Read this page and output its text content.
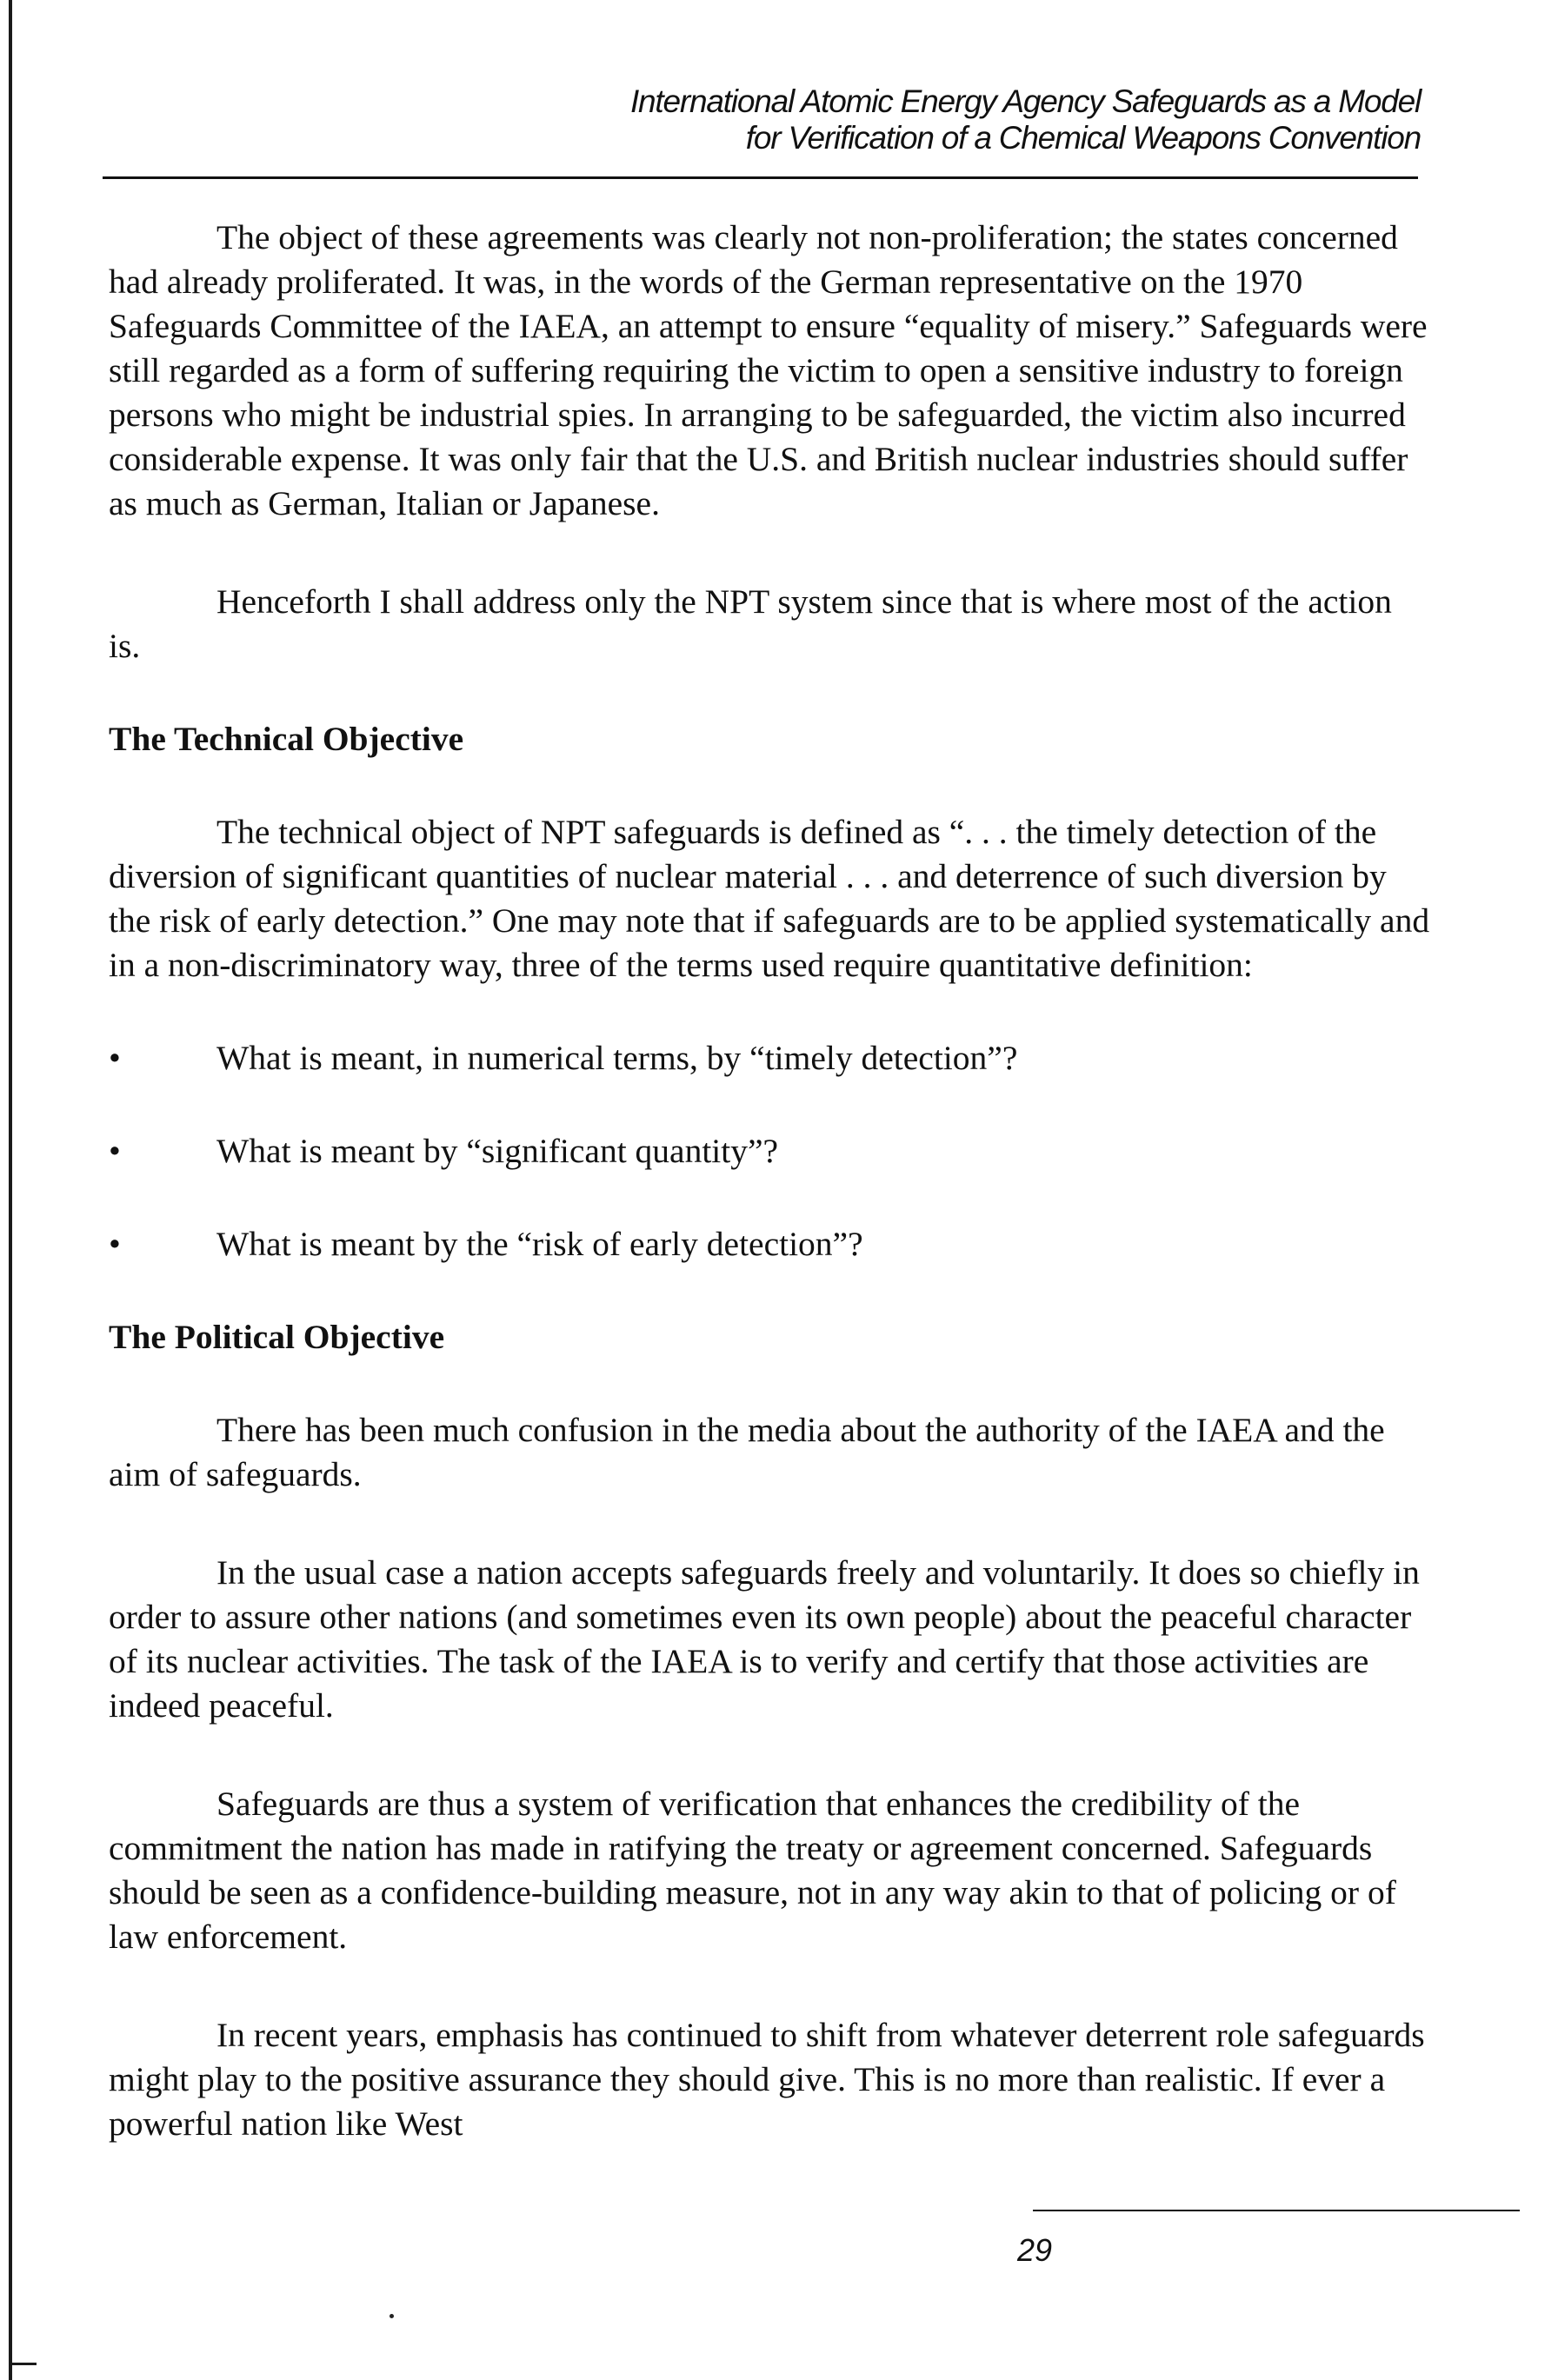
International Atomic Energy Agency Safeguards as a Model
for Verification of a Chemical Weapons Convention

The object of these agreements was clearly not non-proliferation; the states concerned had already proliferated. It was, in the words of the German representative on the 1970 Safeguards Committee of the IAEA, an attempt to ensure “equality of misery.” Safeguards were still regarded as a form of suffering requiring the victim to open a sensitive industry to foreign persons who might be industrial spies. In arranging to be safeguarded, the victim also incurred considerable expense. It was only fair that the U.S. and British nuclear industries should suffer as much as German, Italian or Japanese.

Henceforth I shall address only the NPT system since that is where most of the action is.

The Technical Objective

The technical object of NPT safeguards is defined as “. . . the timely detection of the diversion of significant quantities of nuclear material . . . and deterrence of such diversion by the risk of early detection.” One may note that if safeguards are to be applied systematically and in a non-discriminatory way, three of the terms used require quantitative definition:

•	What is meant, in numerical terms, by “timely detection”?
•	What is meant by “significant quantity”?
•	What is meant by the “risk of early detection”?

The Political Objective

There has been much confusion in the media about the authority of the IAEA and the aim of safeguards.

In the usual case a nation accepts safeguards freely and voluntarily. It does so chiefly in order to assure other nations (and sometimes even its own people) about the peaceful character of its nuclear activities. The task of the IAEA is to verify and certify that those activities are indeed peaceful.

Safeguards are thus a system of verification that enhances the credibility of the commitment the nation has made in ratifying the treaty or agreement concerned. Safeguards should be seen as a confidence-building measure, not in any way akin to that of policing or of law enforcement.

In recent years, emphasis has continued to shift from whatever deterrent role safeguards might play to the positive assurance they should give. This is no more than realistic. If ever a powerful nation like West

29
